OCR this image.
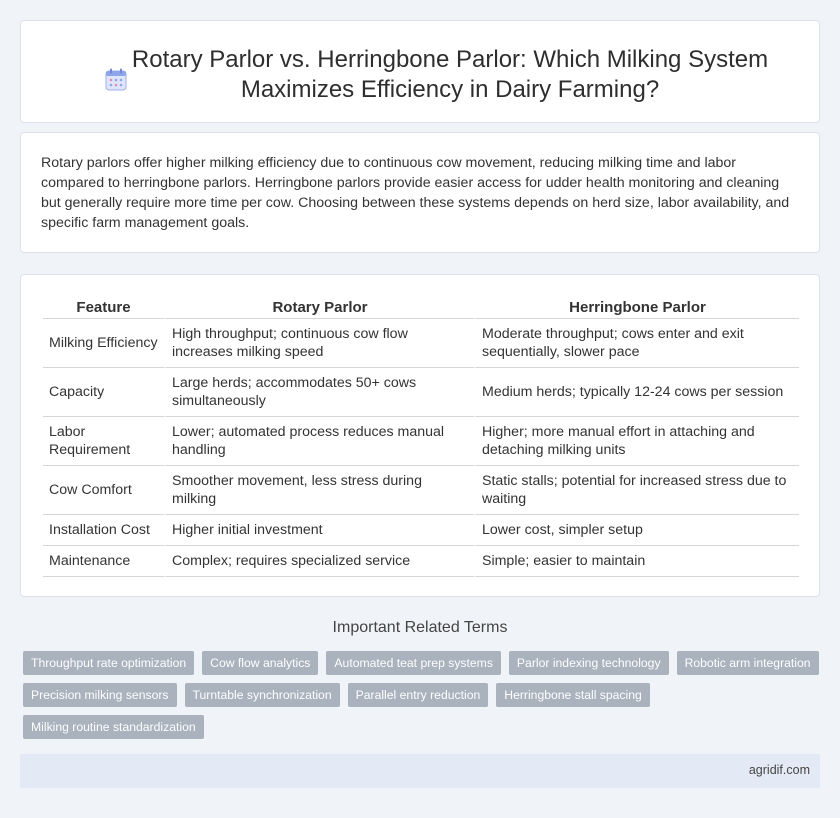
Rotary Parlor vs. Herringbone Parlor: Which Milking System Maximizes Efficiency in Dairy Farming?

Rotary parlors offer higher milking efficiency due to continuous cow movement, reducing milking time and labor compared to herringbone parlors. Herringbone parlors provide easier access for udder health monitoring and cleaning but generally require more time per cow. Choosing between these systems depends on herd size, labor availability, and specific farm management goals.

Feature	Rotary Parlor	Herringbone Parlor
Milking Efficiency	High throughput; continuous cow flow increases milking speed	Moderate throughput; cows enter and exit sequentially, slower pace
Capacity	Large herds; accommodates 50+ cows simultaneously	Medium herds; typically 12-24 cows per session
Labor Requirement	Lower; automated process reduces manual handling	Higher; more manual effort in attaching and detaching milking units
Cow Comfort	Smoother movement, less stress during milking	Static stalls; potential for increased stress due to waiting
Installation Cost	Higher initial investment	Lower cost, simpler setup
Maintenance	Complex; requires specialized service	Simple; easier to maintain
Important Related Terms
Throughput rate optimization	Cow flow analytics	Automated teat prep systems	Parlor indexing technology	Robotic arm integration
Precision milking sensors	Turntable synchronization	Parallel entry reduction	Herringbone stall spacing
Milking routine standardization
agridif.com
